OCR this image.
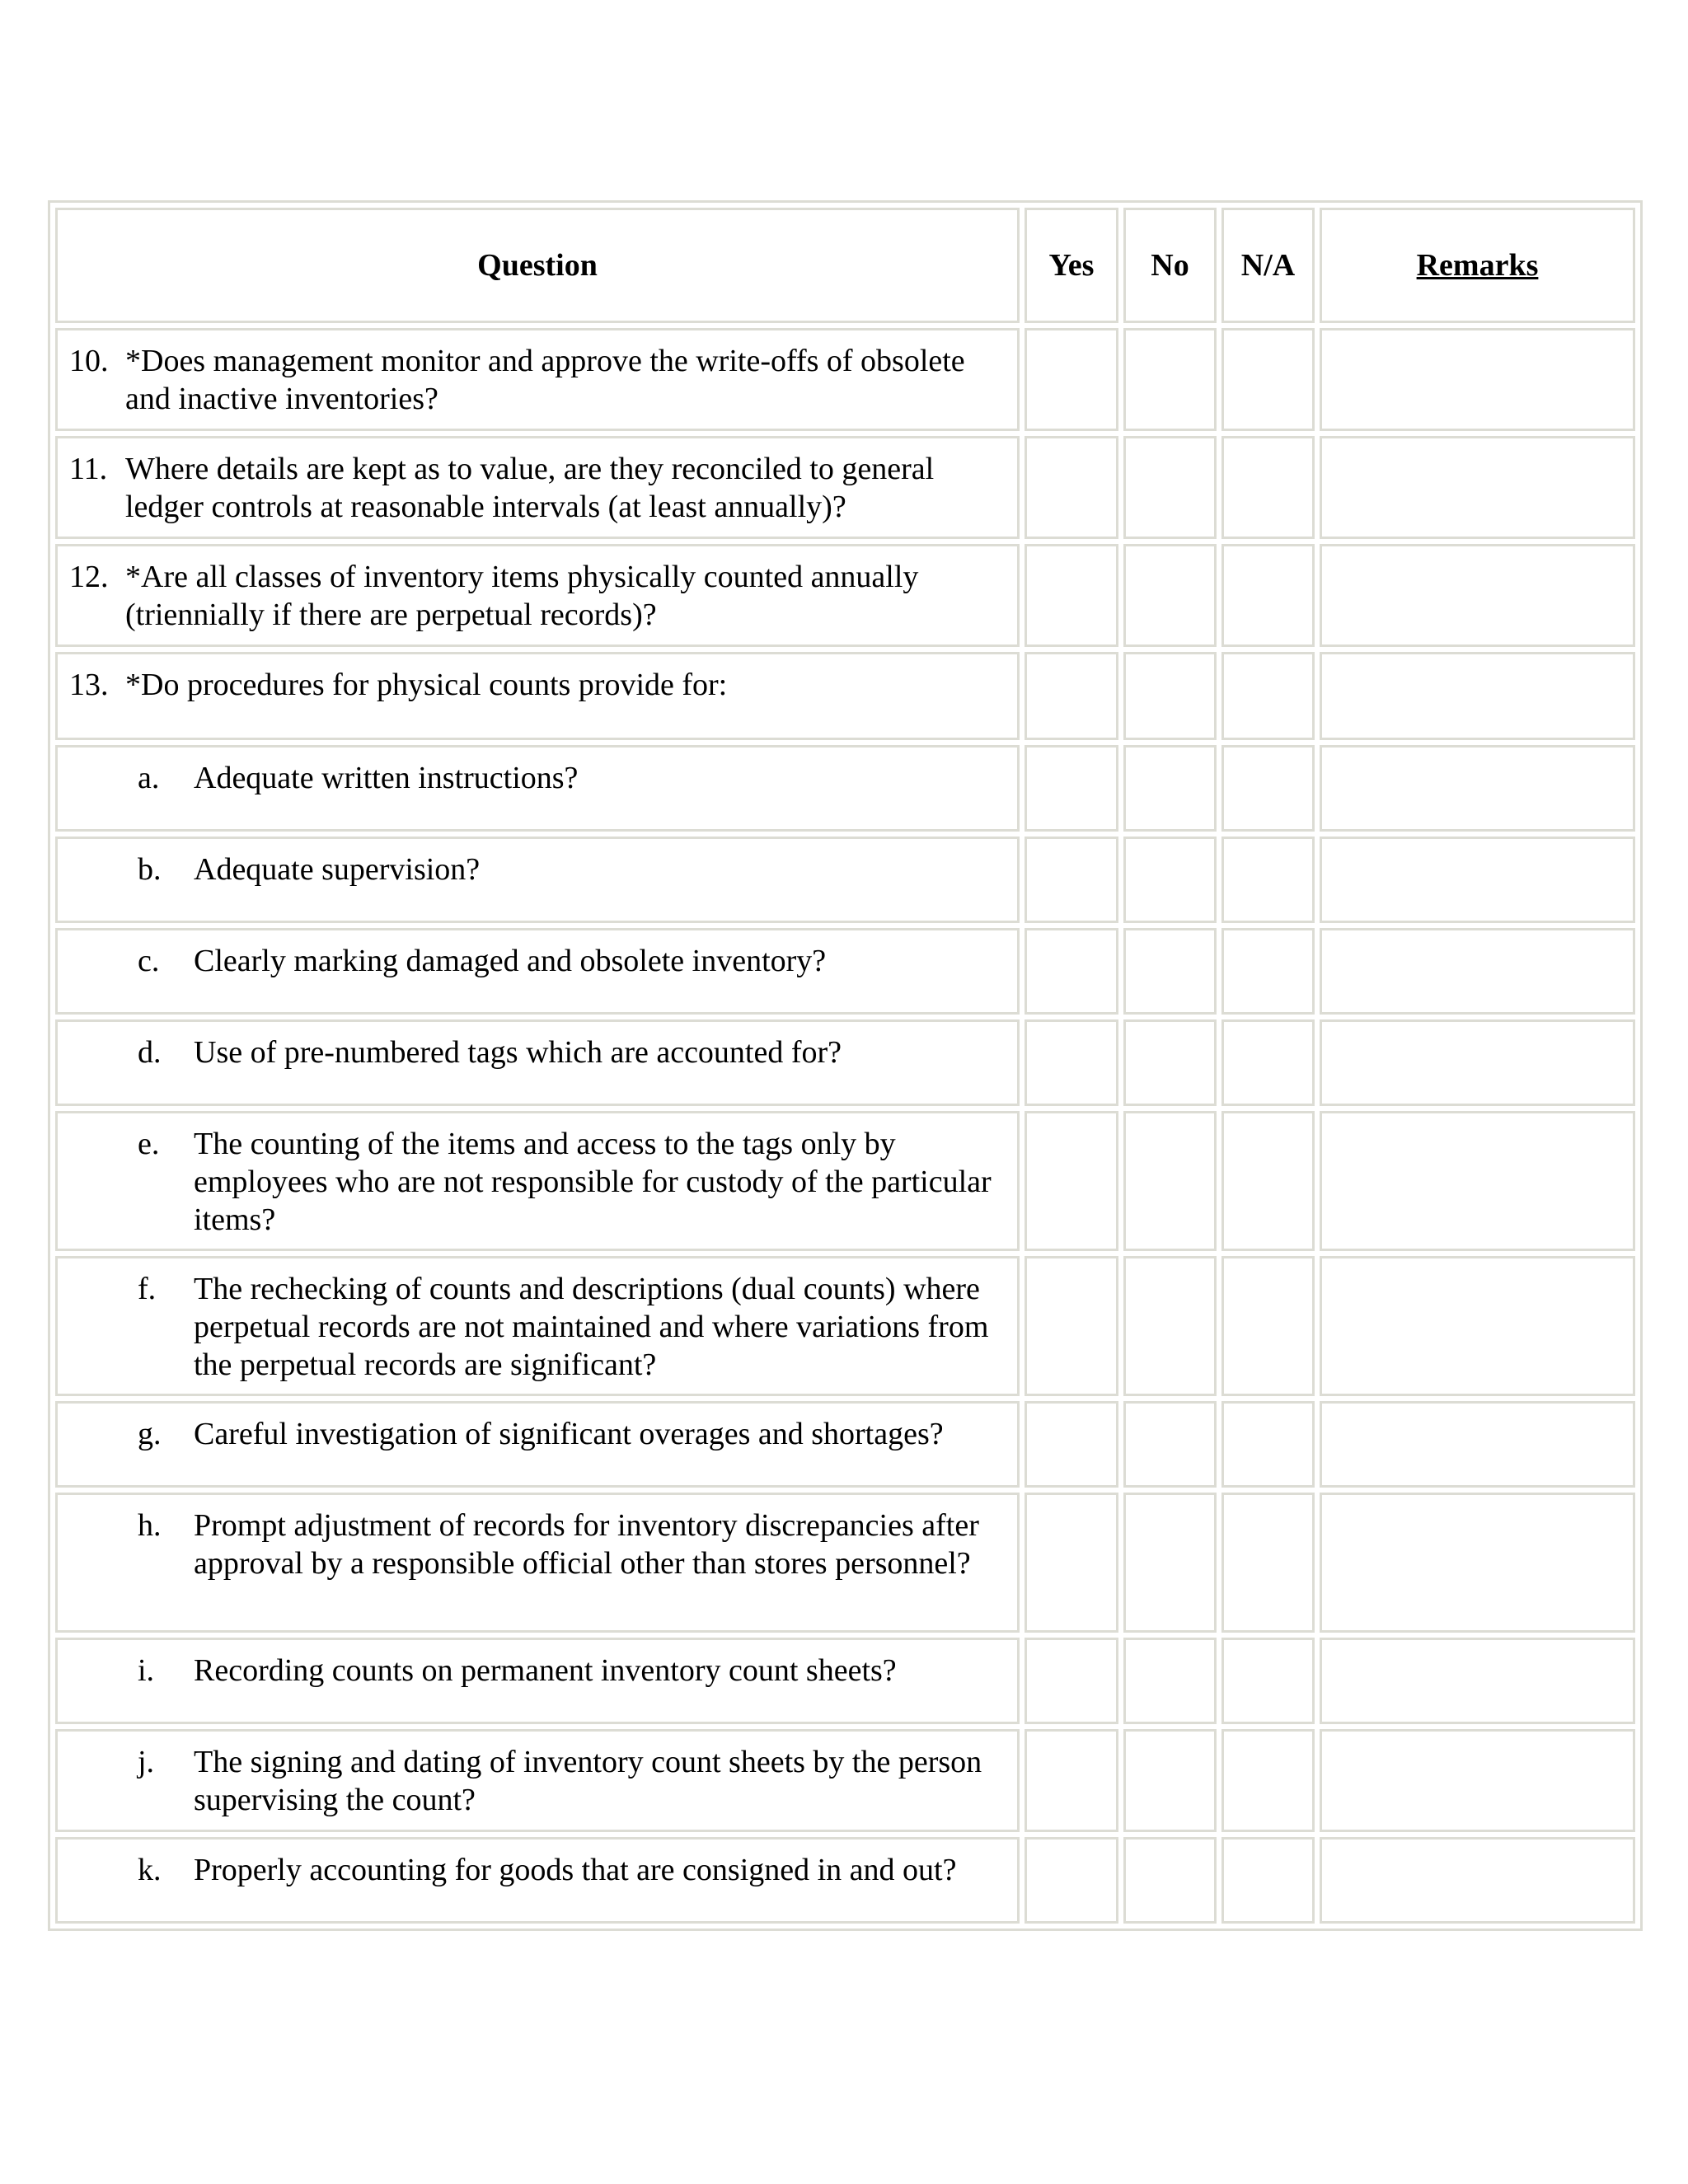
Question	Yes	No	N/A	Remarks

10. *Does management monitor and approve the write-offs of obsolete and inactive inventories?				

11. Where details are kept as to value, are they reconciled to general ledger controls at reasonable intervals (at least annually)?				

12. *Are all classes of inventory items physically counted annually (triennially if there are perpetual records)?				

13. *Do procedures for physical counts provide for:				

a. Adequate written instructions?				

b. Adequate supervision?				

c. Clearly marking damaged and obsolete inventory?				

d. Use of pre-numbered tags which are accounted for?				

e. The counting of the items and access to the tags only by employees who are not responsible for custody of the particular items?				

f. The rechecking of counts and descriptions (dual counts) where perpetual records are not maintained and where variations from the perpetual records are significant?				

g. Careful investigation of significant overages and shortages?				

h. Prompt adjustment of records for inventory discrepancies after approval by a responsible official other than stores personnel?				

i. Recording counts on permanent inventory count sheets?				

j. The signing and dating of inventory count sheets by the person supervising the count?				

k. Properly accounting for goods that are consigned in and out?				
